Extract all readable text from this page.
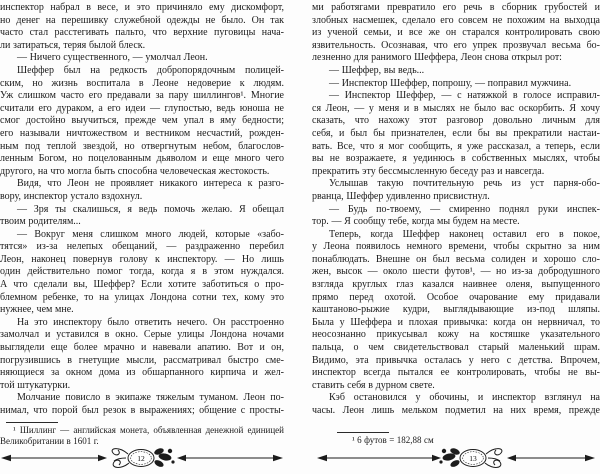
инспектор набрал в весе, и это причиняло ему дискомфорт,
но денег на перешивку служебной одежды не было. Он так
часто стал расстегивать пальто, что верхние пуговицы нача-
ли затираться, теряя былой блеск.
— Ничего существенного, — умолчал Леон.
Шеффер был на редкость добропорядочным полицей-
ским, но жизнь воспитала в Леоне недоверие к людям.
Уж слишком часто его предавали за пару шиллингов¹. Многие
считали его дураком, а его идеи — глупостью, ведь юноша не
смог достойно выучиться, прежде чем упал в яму бедности;
его называли ничтожеством и вестником несчастий, рожден-
ным под теплой звездой, но отвергнутым небом, благослов-
ленным Богом, но поцелованным дьяволом и еще много чего
другого, на что могла быть способна человеческая жестокость.
Видя, что Леон не проявляет никакого интереса к разго-
вору, инспектор устало вздохнул.
— Зря ты скалишься, я ведь помочь желаю. Я обещал
твоим родителям...
— Вокруг меня слишком много людей, которые «забо-
тятся» из-за нелепых обещаний, — раздраженно перебил
Леон, наконец повернув голову к инспектору. — Но лишь
один действительно помог тогда, когда я в этом нуждался.
А что сделали вы, Шеффер? Если хотите заботиться о про-
блемном ребенке, то на улицах Лондона сотни тех, кому это
нужнее, чем мне.
На это инспектору было ответить нечего. Он расстроенно
замолчал и уставился в окно. Серые улицы Лондона ночами
выглядели еще более мрачно и навевали апатию. Вот и он,
погрузившись в гнетущие мысли, рассматривал быстро сме-
няющиеся за окном дома из обшарпанного кирпича и жел-
той штукатурки.
Молчание повисло в экипаже тяжелым туманом. Леон по-
нимал, что порой был резок в выражениях; общение с просты-
¹ Шиллинг — английская монета, объявленная денежной единицей
Великобритании в 1601 г.
12
ми работягами превратило его речь в сборник грубостей и
злобных насмешек, сделало его совсем не похожим на выходца
из ученой семьи, и все же он старался контролировать свою
язвительность. Осознавая, что его упрек прозвучал весьма бо-
лезненно для ранимого Шеффера, Леон снова открыл рот:
— Шеффер, вы ведь...
— Инспектор Шеффер, попрошу, — поправил мужчина.
— Инспектор Шеффер, — с натяжкой в голосе исправил-
ся Леон, — у меня и в мыслях не было вас оскорбить. Я хочу
сказать, что нахожу этот разговор довольно личным для
себя, и был бы признателен, если бы вы прекратили настаи-
вать. Все, что я мог сообщить, я уже рассказал, а теперь, если
вы не возражаете, я уединюсь в собственных мыслях, чтобы
прекратить эту бессмысленную беседу раз и навсегда.
Услышав такую почтительную речь из уст парня-обо-
рванца, Шеффер удивленно присвистнул.
— Будь по-твоему, — смиренно поднял руки инспек-
тор. — Я сообщу тебе, когда мы будем на месте.
Теперь, когда Шеффер наконец оставил его в покое,
у Леона появилось немного времени, чтобы скрытно за ним
понаблюдать. Внешне он был весьма солиден и хорошо сло-
жен, высок — около шести футов¹, — но из-за добродушного
взгляда круглых глаз казался наивнее оленя, выпущенного
прямо перед охотой. Особое очарование ему придавали
каштаново-рыжие кудри, выглядывающие из-под шляпы.
Была у Шеффера и плохая привычка: когда он нервничал, то
неосознанно прикусывал кожу на костяшке указательного
пальца, о чем свидетельствовал старый маленький шрам.
Видимо, эта привычка осталась у него с детства. Впрочем,
инспектор всегда пытался ее контролировать, чтобы не вы-
ставить себя в дурном свете.
Кэб остановился у обочины, и инспектор взглянул на
часы. Леон лишь мельком подметил на них время, прежде
¹ 6 футов = 182,88 см
13
